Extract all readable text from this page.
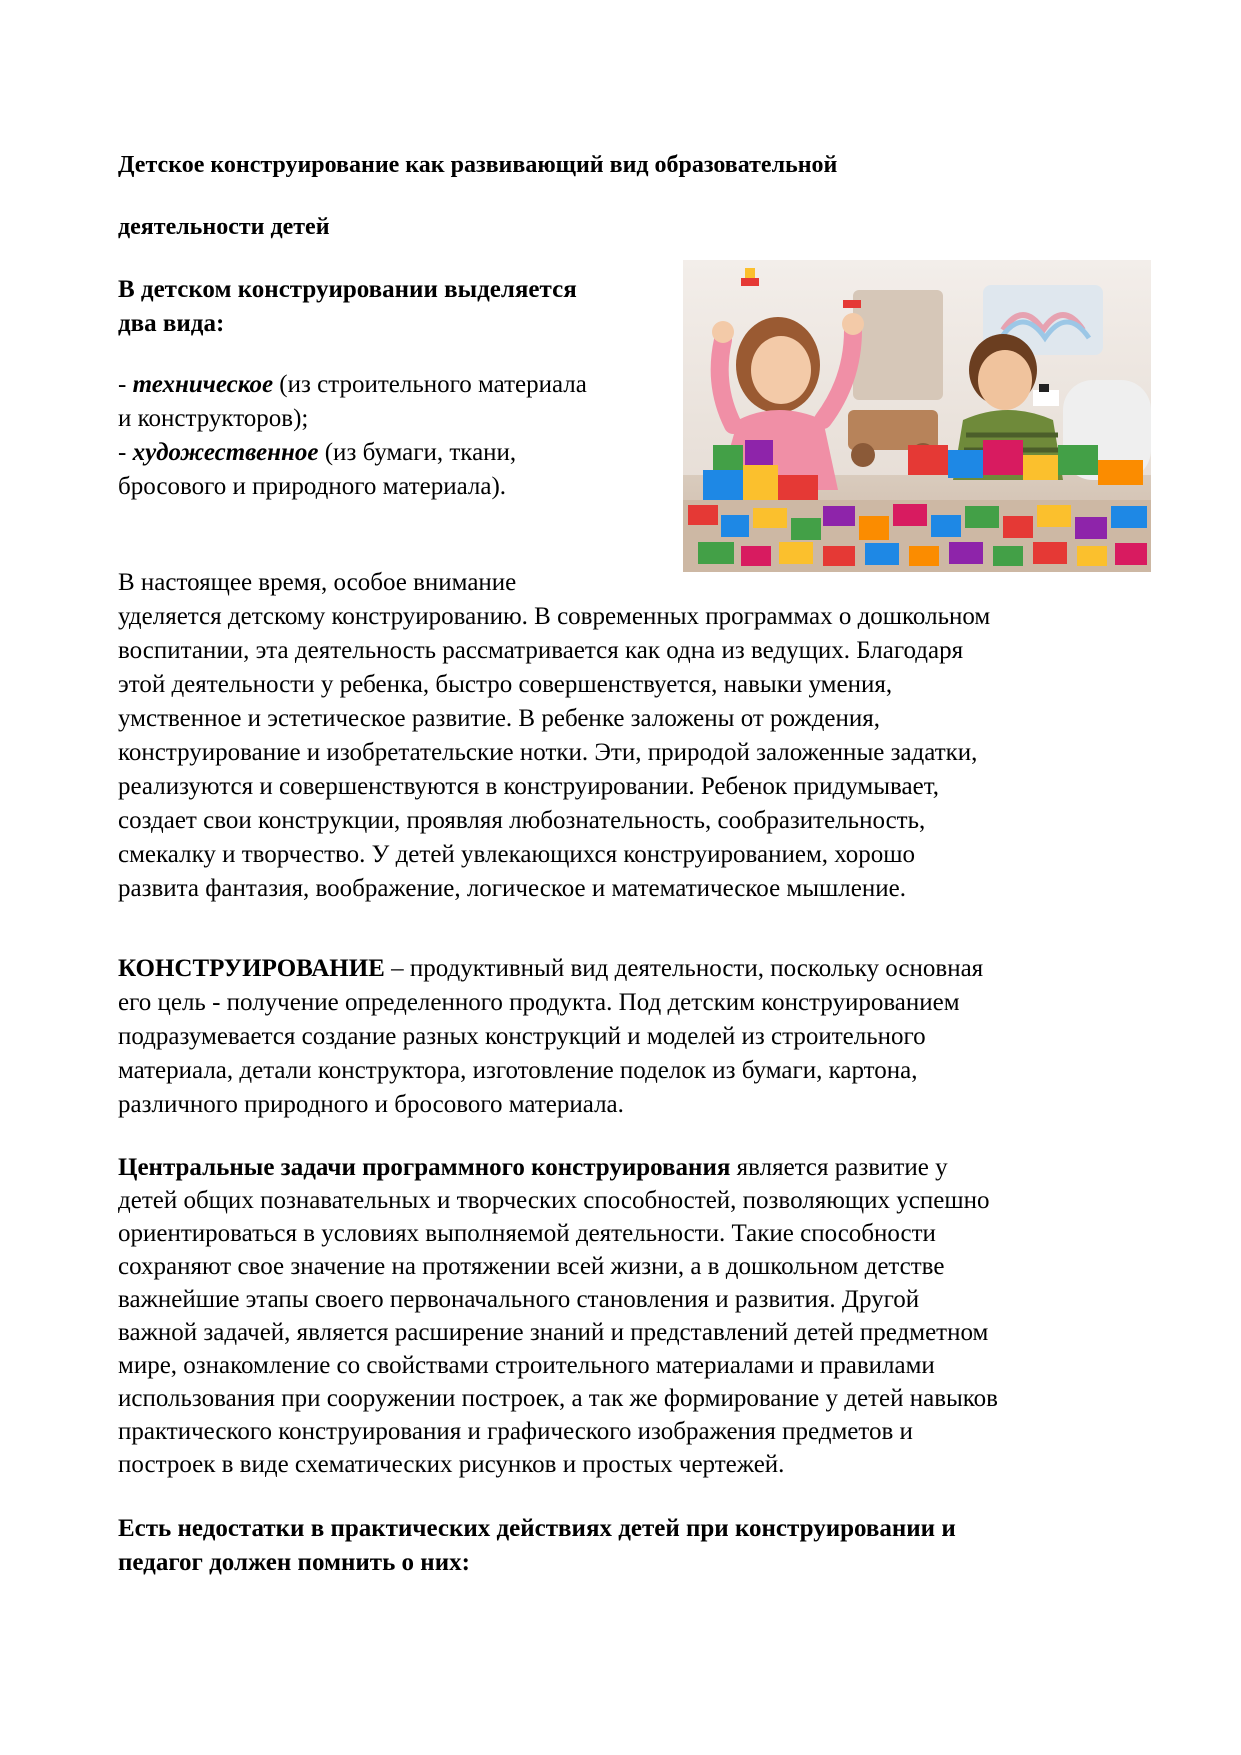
Детское конструирование как развивающий вид образовательной

деятельности детей

В детском конструировании выделяется

два вида:

- техническое (из строительного материала

и конструкторов);

- художественное (из бумаги, ткани,

бросового и природного материала).

В настоящее время, особое внимание

уделяется детскому конструированию. В современных программах о дошкольном

воспитании, эта деятельность рассматривается как одна из ведущих. Благодаря

этой деятельности у ребенка, быстро совершенствуется, навыки умения,

умственное и эстетическое развитие. В ребенке заложены от рождения,

конструирование и изобретательские нотки. Эти, природой заложенные задатки,

реализуются и совершенствуются в конструировании. Ребенок придумывает,

создает свои конструкции, проявляя любознательность, сообразительность,

смекалку и творчество. У детей увлекающихся конструированием, хорошо

развита фантазия, воображение, логическое и математическое мышление.

КОНСТРУИРОВАНИЕ – продуктивный вид деятельности, поскольку основная

его цель - получение определенного продукта. Под детским конструированием

подразумевается создание разных конструкций и моделей из строительного

материала, детали конструктора, изготовление поделок из бумаги, картона,

различного природного и бросового материала.

Центральные задачи программного конструирования является развитие у

детей общих познавательных и творческих способностей, позволяющих успешно

ориентироваться в условиях выполняемой деятельности. Такие способности

сохраняют свое значение на протяжении всей жизни, а в дошкольном детстве

важнейшие этапы своего первоначального становления и развития. Другой

важной задачей, является расширение знаний и представлений детей предметном

мире, ознакомление со свойствами строительного материалами и правилами

использования при сооружении построек, а так же формирование у детей навыков

практического конструирования и графического изображения предметов и

построек в виде схематических рисунков и простых чертежей.

Есть недостатки в практических действиях детей при конструировании и

педагог должен помнить о них:
